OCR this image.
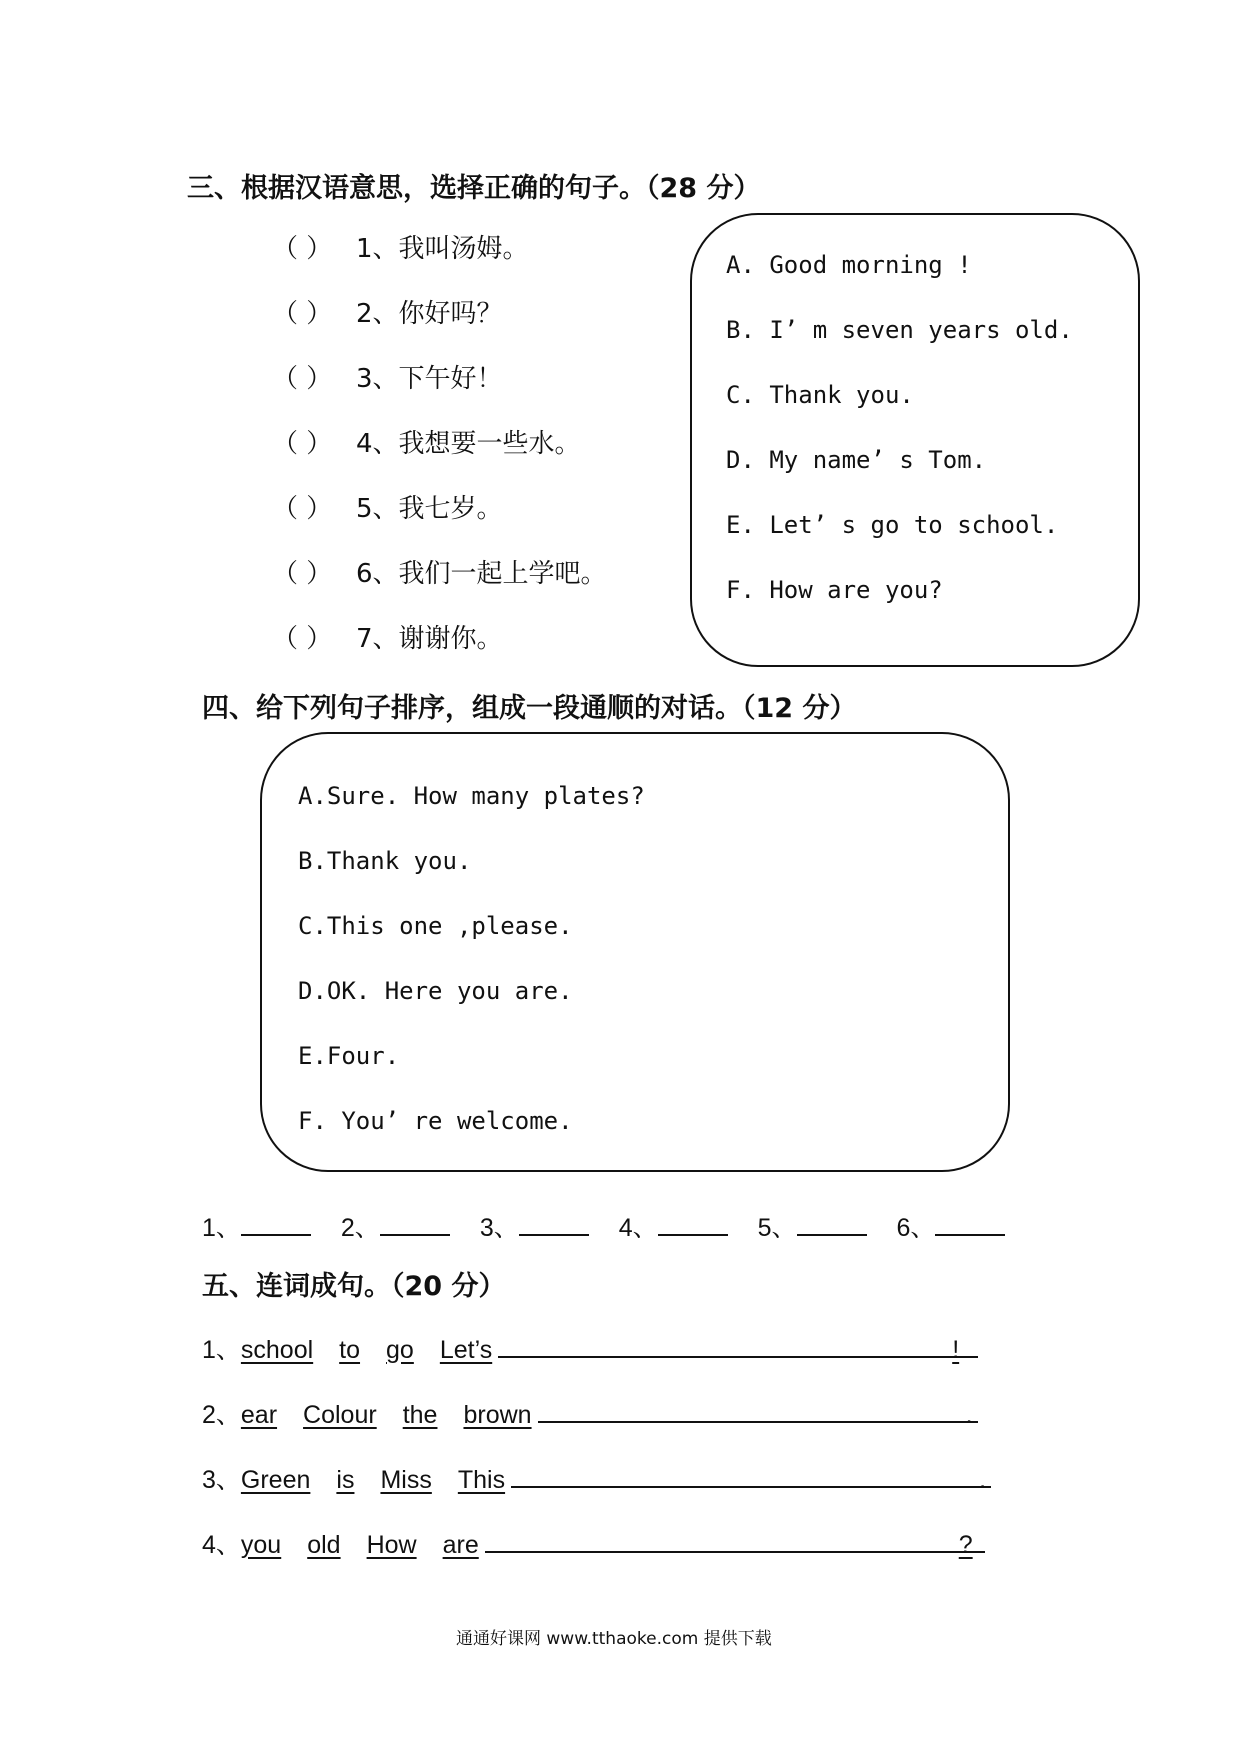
三、根据汉语意思，选择正确的句子。（28 分）
（ ） 1、我叫汤姆。
（ ） 2、你好吗？
（ ） 3、下午好！
（ ） 4、我想要一些水。
（ ） 5、我七岁。
（ ） 6、我们一起上学吧。
（ ） 7、谢谢你。
A. Good morning !
B. I’ m seven years old.
C. Thank you.
D. My name’ s Tom.
E. Let’ s go to school.
F. How are you?
四、给下列句子排序，组成一段通顺的对话。（12 分）
A.Sure. How many plates?
B.Thank you.
C.This one ,please.
D.OK. Here you are.
E.Four.
F. You’ re welcome.
1、	2、	3、	4、	5、	6、
五、连词成句。（20 分）
1、 school to go Let’s	!
2、 ear Colour the brown	.
3、 Green is Miss This	.
4、 you old How are	?
通通好课网 www.tthaoke.com 提供下载
